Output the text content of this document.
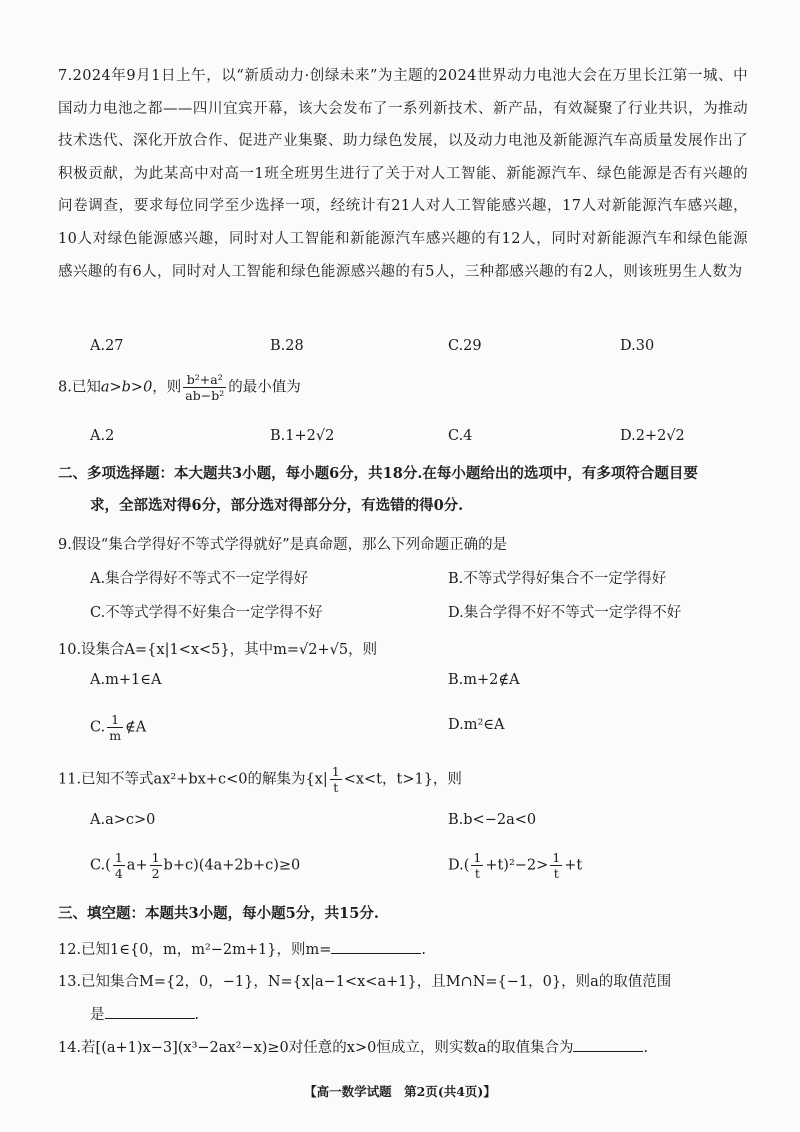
7.2024年9月1日上午，以“新质动力·创绿未来”为主题的2024世界动力电池大会在万里长江第一城、中国动力电池之都——四川宜宾开幕，该大会发布了一系列新技术、新产品，有效凝聚了行业共识，为推动技术迭代、深化开放合作、促进产业集聚、助力绿色发展，以及动力电池及新能源汽车高质量发展作出了积极贡献，为此某高中对高一1班全班男生进行了关于对人工智能、新能源汽车、绿色能源是否有兴趣的问卷调查，要求每位同学至少选择一项，经统计有21人对人工智能感兴趣，17人对新能源汽车感兴趣，10人对绿色能源感兴趣，同时对人工智能和新能源汽车感兴趣的有12人，同时对新能源汽车和绿色能源感兴趣的有6人，同时对人工智能和绿色能源感兴趣的有5人，三种都感兴趣的有2人，则该班男生人数为

A.27	B.28	C.29	D.30
8.已知a>b>0，则 $\frac{\text{b²+a²}}{\text{ab−b²}}$ 的最小值为
A.2	B.1+2√2	C.4	D.2+2√2
二、多项选择题：本大题共3小题，每小题6分，共18分.在每小题给出的选项中，有多项符合题目要
求，全部选对得6分，部分选对得部分分，有选错的得0分.
9.假设“集合学得好不等式学得就好”是真命题，那么下列命题正确的是
A.集合学得好不等式不一定学得好	B.不等式学得好集合不一定学得好
C.不等式学得不好集合一定学得不好	D.集合学得不好不等式一定学得不好
10.设集合A={x|1<x<5}，其中m=√2+√5，则
A.m+1∈A	B.m+2∉A
C. $\frac{1}{m}$ ∉A	D.m²∈A
11.已知不等式ax²+bx+c<0的解集为{$x| \frac{1}{t} <x<t$，t>1}，则
A.a>c>0	B.b<−2a<0
$C.( \frac{1}{4} a+ \frac{1}{2} b+c)(4a+2b+c)\ge 0$	$D.( \frac{1}{t} +t)^2-2> \frac{1}{t} +t$
三、填空题：本题共3小题，每小题5分，共15分.
12.已知1∈{0，m，m²−2m+1}，则m=	.
13.已知集合M={2，0，−1}，N={x|a−1<x<a+1}，且M∩N={−1，0}，则a的取值范围
是	.
14.若[(a+1)x−3](x³−2ax²−x)≥0对任意的x>0恒成立，则实数a的取值集合为	.
【高一数学试题　第2页(共4页)】
